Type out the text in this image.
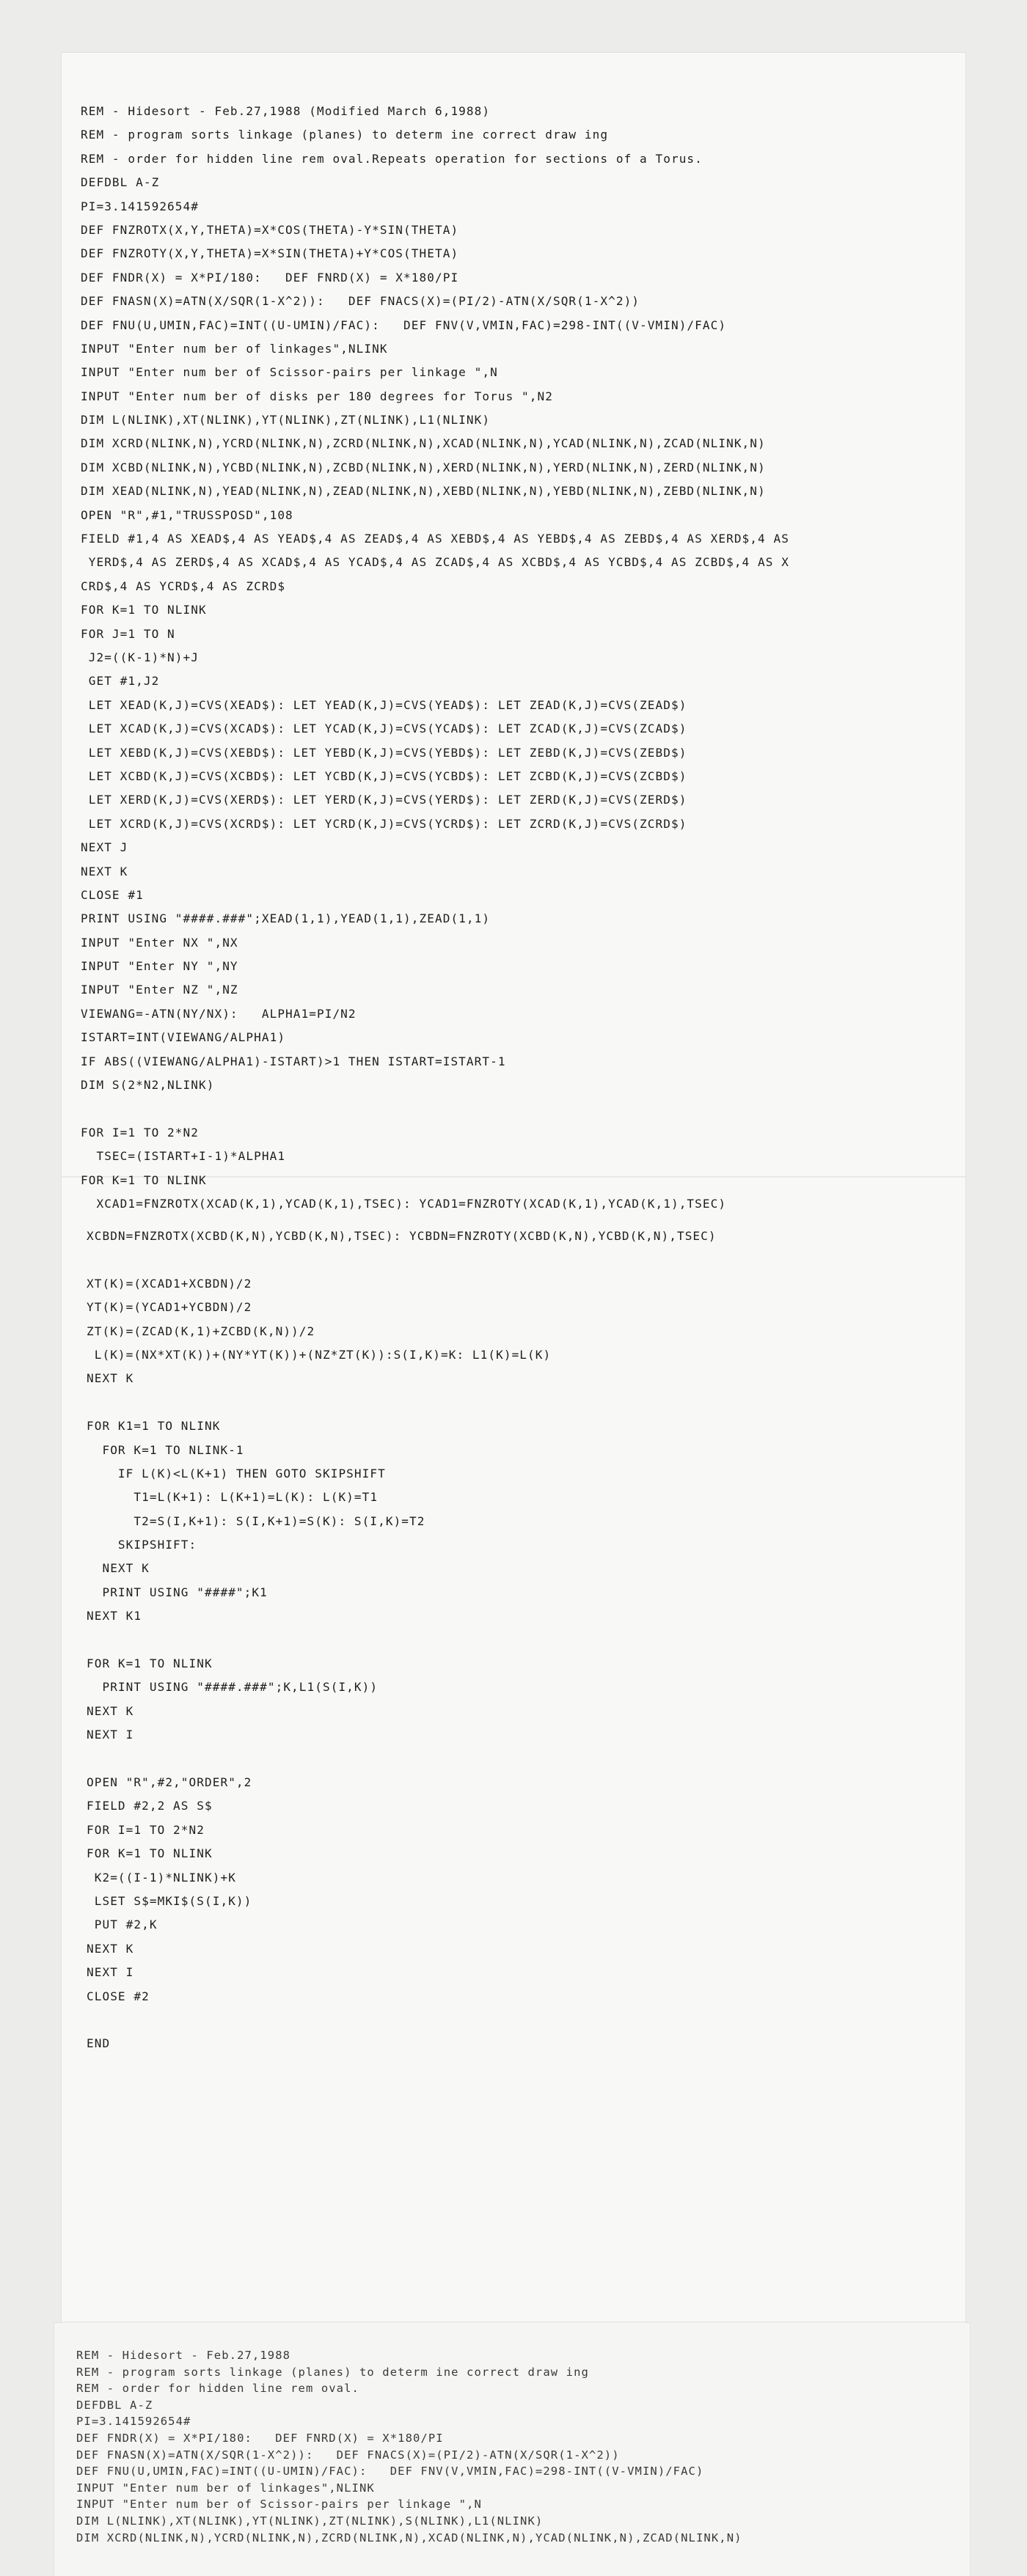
REM - Hidesort - Feb.27,1988 (Modified March 6,1988)
REM - program sorts linkage (planes) to determ ine correct draw ing
REM - order for hidden line rem oval.Repeats operation for sections of a Torus.
DEFDBL A-Z
PI=3.141592654#
DEF FNZROTX(X,Y,THETA)=X*COS(THETA)-Y*SIN(THETA)
DEF FNZROTY(X,Y,THETA)=X*SIN(THETA)+Y*COS(THETA)
DEF FNDR(X) = X*PI/180:   DEF FNRD(X) = X*180/PI
DEF FNASN(X)=ATN(X/SQR(1-X^2)):   DEF FNACS(X)=(PI/2)-ATN(X/SQR(1-X^2))
DEF FNU(U,UMIN,FAC)=INT((U-UMIN)/FAC):   DEF FNV(V,VMIN,FAC)=298-INT((V-VMIN)/FAC)
INPUT "Enter num ber of linkages",NLINK
INPUT "Enter num ber of Scissor-pairs per linkage ",N
INPUT "Enter num ber of disks per 180 degrees for Torus ",N2
DIM L(NLINK),XT(NLINK),YT(NLINK),ZT(NLINK),L1(NLINK)
DIM XCRD(NLINK,N),YCRD(NLINK,N),ZCRD(NLINK,N),XCAD(NLINK,N),YCAD(NLINK,N),ZCAD(NLINK,N)
DIM XCBD(NLINK,N),YCBD(NLINK,N),ZCBD(NLINK,N),XERD(NLINK,N),YERD(NLINK,N),ZERD(NLINK,N)
DIM XEAD(NLINK,N),YEAD(NLINK,N),ZEAD(NLINK,N),XEBD(NLINK,N),YEBD(NLINK,N),ZEBD(NLINK,N)
OPEN "R",#1,"TRUSSPOSD",108
FIELD #1,4 AS XEAD$,4 AS YEAD$,4 AS ZEAD$,4 AS XEBD$,4 AS YEBD$,4 AS ZEBD$,4 AS XERD$,4 AS
YERD$,4 AS ZERD$,4 AS XCAD$,4 AS YCAD$,4 AS ZCAD$,4 AS XCBD$,4 AS YCBD$,4 AS ZCBD$,4 AS X
CRD$,4 AS YCRD$,4 AS ZCRD$
FOR K=1 TO NLINK
FOR J=1 TO N
J2=((K-1)*N)+J
GET #1,J2
LET XEAD(K,J)=CVS(XEAD$): LET YEAD(K,J)=CVS(YEAD$): LET ZEAD(K,J)=CVS(ZEAD$)
LET XCAD(K,J)=CVS(XCAD$): LET YCAD(K,J)=CVS(YCAD$): LET ZCAD(K,J)=CVS(ZCAD$)
LET XEBD(K,J)=CVS(XEBD$): LET YEBD(K,J)=CVS(YEBD$): LET ZEBD(K,J)=CVS(ZEBD$)
LET XCBD(K,J)=CVS(XCBD$): LET YCBD(K,J)=CVS(YCBD$): LET ZCBD(K,J)=CVS(ZCBD$)
LET XERD(K,J)=CVS(XERD$): LET YERD(K,J)=CVS(YERD$): LET ZERD(K,J)=CVS(ZERD$)
LET XCRD(K,J)=CVS(XCRD$): LET YCRD(K,J)=CVS(YCRD$): LET ZCRD(K,J)=CVS(ZCRD$)
NEXT J
NEXT K
CLOSE #1
PRINT USING "####.###";XEAD(1,1),YEAD(1,1),ZEAD(1,1)
INPUT "Enter NX ",NX
INPUT "Enter NY ",NY
INPUT "Enter NZ ",NZ
VIEWANG=-ATN(NY/NX):   ALPHA1=PI/N2
ISTART=INT(VIEWANG/ALPHA1)
IF ABS((VIEWANG/ALPHA1)-ISTART)>1 THEN ISTART=ISTART-1
DIM S(2*N2,NLINK)
FOR I=1 TO 2*N2
TSEC=(ISTART+I-1)*ALPHA1
FOR K=1 TO NLINK
XCAD1=FNZROTX(XCAD(K,1),YCAD(K,1),TSEC): YCAD1=FNZROTY(XCAD(K,1),YCAD(K,1),TSEC)
XCBDN=FNZROTX(XCBD(K,N),YCBD(K,N),TSEC): YCBDN=FNZROTY(XCBD(K,N),YCBD(K,N),TSEC)
XT(K)=(XCAD1+XCBDN)/2
YT(K)=(YCAD1+YCBDN)/2
ZT(K)=(ZCAD(K,1)+ZCBD(K,N))/2
L(K)=(NX*XT(K))+(NY*YT(K))+(NZ*ZT(K)):S(I,K)=K: L1(K)=L(K)
NEXT K
FOR K1=1 TO NLINK
FOR K=1 TO NLINK-1
IF L(K)<L(K+1) THEN GOTO SKIPSHIFT
T1=L(K+1): L(K+1)=L(K): L(K)=T1
T2=S(I,K+1): S(I,K+1)=S(K): S(I,K)=T2
SKIPSHIFT:
NEXT K
PRINT USING "####";K1
NEXT K1
FOR K=1 TO NLINK
PRINT USING "####.###";K,L1(S(I,K))
NEXT K
NEXT I
OPEN "R",#2,"ORDER",2
FIELD #2,2 AS S$
FOR I=1 TO 2*N2
FOR K=1 TO NLINK
K2=((I-1)*NLINK)+K
LSET S$=MKI$(S(I,K))
PUT #2,K
NEXT K
NEXT I
CLOSE #2
END
REM - Hidesort - Feb.27,1988
REM - program sorts linkage (planes) to determ ine correct draw ing
REM - order for hidden line rem oval.
DEFDBL A-Z
PI=3.141592654#
DEF FNDR(X) = X*PI/180:   DEF FNRD(X) = X*180/PI
DEF FNASN(X)=ATN(X/SQR(1-X^2)):   DEF FNACS(X)=(PI/2)-ATN(X/SQR(1-X^2))
DEF FNU(U,UMIN,FAC)=INT((U-UMIN)/FAC):   DEF FNV(V,VMIN,FAC)=298-INT((V-VMIN)/FAC)
INPUT "Enter num ber of linkages",NLINK
INPUT "Enter num ber of Scissor-pairs per linkage ",N
DIM L(NLINK),XT(NLINK),YT(NLINK),ZT(NLINK),S(NLINK),L1(NLINK)
DIM XCRD(NLINK,N),YCRD(NLINK,N),ZCRD(NLINK,N),XCAD(NLINK,N),YCAD(NLINK,N),ZCAD(NLINK,N)
